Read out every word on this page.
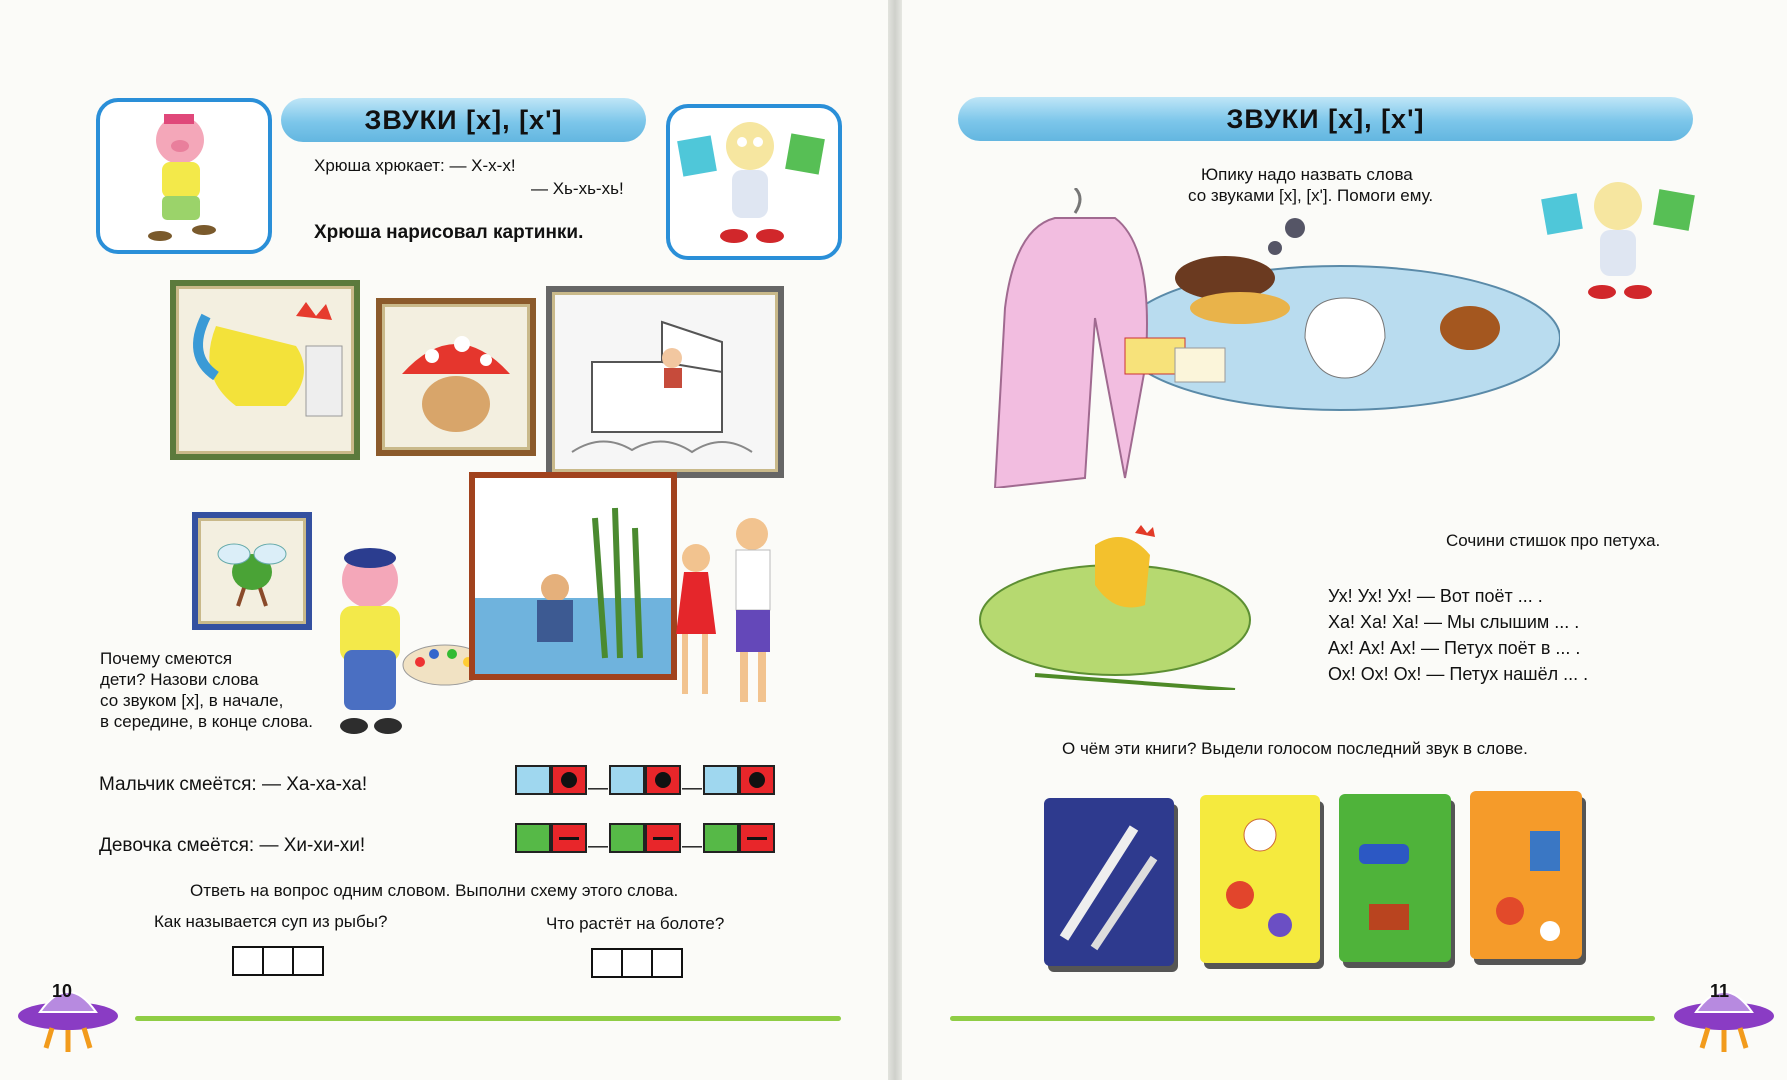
ЗВУКИ [х], [х']
Хрюша хрюкает: — Х-х-х!
— Хь-хь-хь!
Хрюша нарисовал картинки.
Почему смеются
дети? Назови слова
со звуком [х], в начале,
в середине, в конце слова.
Мальчик смеётся: — Ха-ха-ха!
Девочка смеётся: — Хи-хи-хи!
—	—
—	—
Ответь на вопрос одним словом. Выполни схему этого слова.
Как называется суп из рыбы?	Что растёт на болоте?
10
ЗВУКИ [х], [х']
Юпику надо назвать слова
со звуками [х], [х']. Помоги ему.
Сочини стишок про петуха.
Ух! Ух! Ух! — Вот поёт ... .
Ха! Ха! Ха! — Мы слышим ... .
Ах! Ах! Ах! — Петух поёт в ... .
Ох! Ох! Ох! — Петух нашёл ... .
О чём эти книги? Выдели голосом последний звук в слове.
11
